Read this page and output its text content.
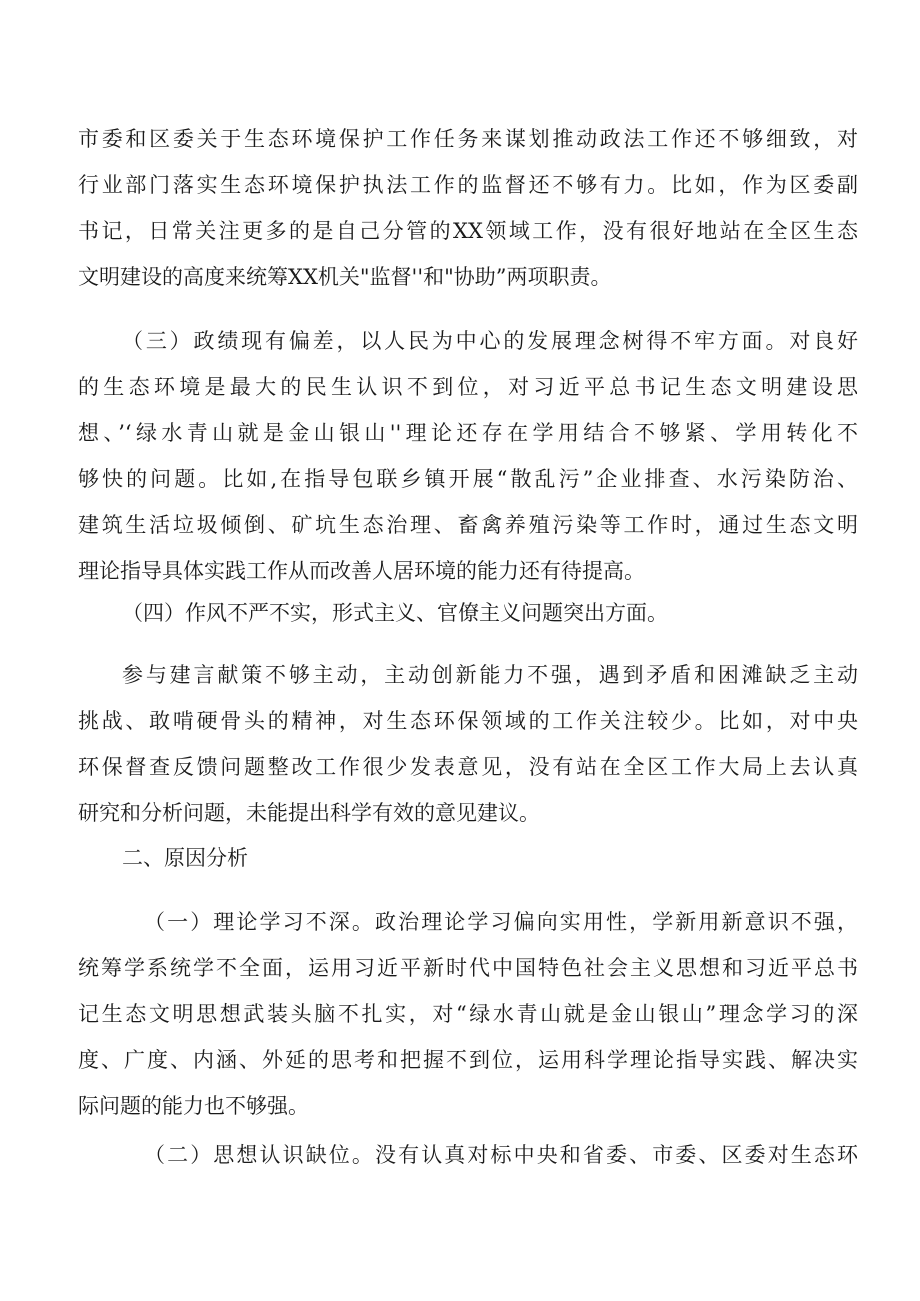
市委和区委关于生态环境保护工作任务来谋划推动政法工作还不够细致，对
行业部门落实生态环境保护执法工作的监督还不够有力。比如，作为区委副
书记，日常关注更多的是自己分管的XX领域工作，没有很好地站在全区生态
文明建设的高度来统筹XX机关"监督''和"协助”两项职责。
（三）政绩现有偏差，以人民为中心的发展理念树得不牢方面。对良好
的生态环境是最大的民生认识不到位，对习近平总书记生态文明建设思
想、’‘绿水青山就是金山银山''理论还存在学用结合不够紧、学用转化不
够快的问题。比如,在指导包联乡镇开展“散乱污”企业排查、水污染防治、
建筑生活垃圾倾倒、矿坑生态治理、畜禽养殖污染等工作时，通过生态文明
理论指导具体实践工作从而改善人居环境的能力还有待提高。
（四）作风不严不实，形式主义、官僚主义问题突出方面。
参与建言献策不够主动，主动创新能力不强，遇到矛盾和困滩缺乏主动
挑战、敢啃硬骨头的精神，对生态环保领域的工作关注较少。比如，对中央
环保督查反馈问题整改工作很少发表意见，没有站在全区工作大局上去认真
研究和分析问题，未能提出科学有效的意见建议。
二、原因分析
（一）理论学习不深。政治理论学习偏向实用性，学新用新意识不强，
统筹学系统学不全面，运用习近平新时代中国特色社会主义思想和习近平总书
记生态文明思想武装头脑不扎实，对“绿水青山就是金山银山”理念学习的深
度、广度、内涵、外延的思考和把握不到位，运用科学理论指导实践、解决实
际问题的能力也不够强。
（二）思想认识缺位。没有认真对标中央和省委、市委、区委对生态环
